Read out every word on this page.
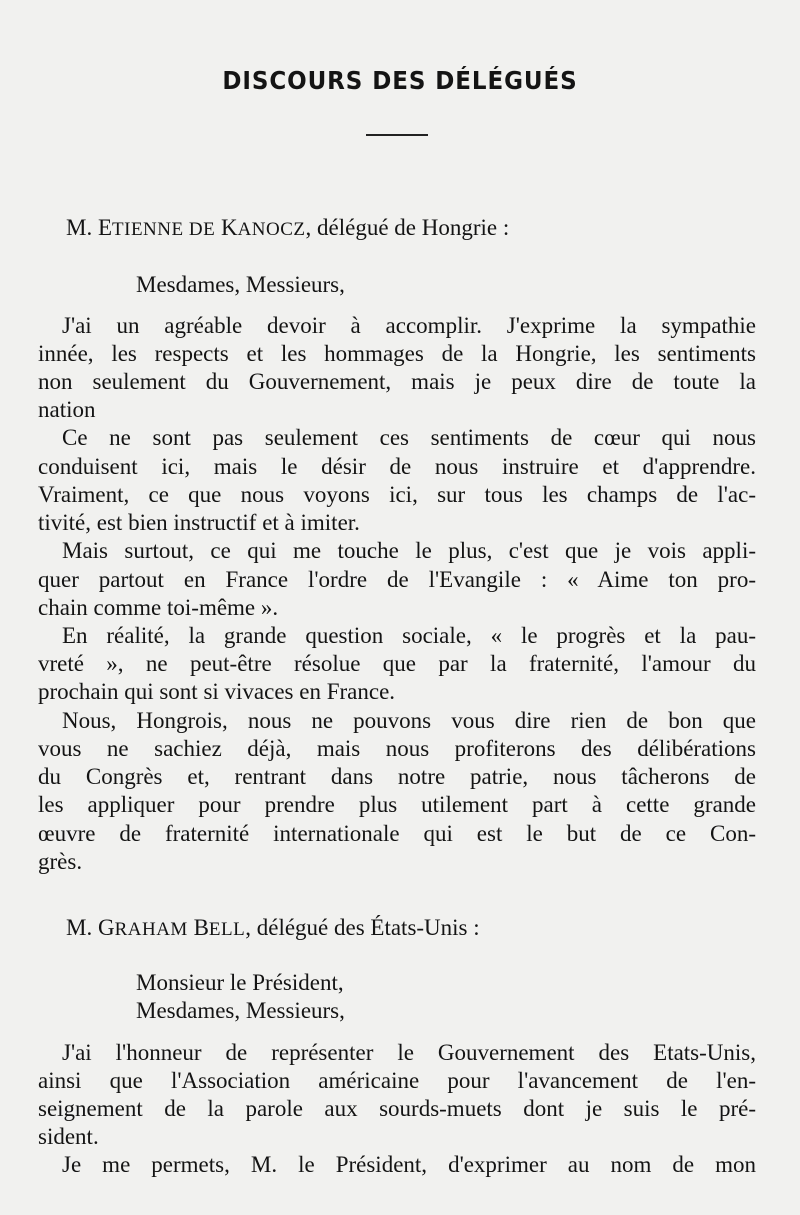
DISCOURS DES DÉLÉGUÉS

M. ETIENNE DE KANOCZ, délégué de Hongrie :

Mesdames, Messieurs,

J'ai un agréable devoir à accomplir. J'exprime la sympathie

innée, les respects et les hommages de la Hongrie, les sentiments

non seulement du Gouvernement, mais je peux dire de toute la

nation

Ce ne sont pas seulement ces sentiments de cœur qui nous

conduisent ici, mais le désir de nous instruire et d'apprendre.

Vraiment, ce que nous voyons ici, sur tous les champs de l'ac-

tivité, est bien instructif et à imiter.

Mais surtout, ce qui me touche le plus, c'est que je vois appli-

quer partout en France l'ordre de l'Evangile : « Aime ton pro-

chain comme toi-même ».

En réalité, la grande question sociale, « le progrès et la pau-

vreté », ne peut-être résolue que par la fraternité, l'amour du

prochain qui sont si vivaces en France.

Nous, Hongrois, nous ne pouvons vous dire rien de bon que

vous ne sachiez déjà, mais nous profiterons des délibérations

du Congrès et, rentrant dans notre patrie, nous tâcherons de

les appliquer pour prendre plus utilement part à cette grande

œuvre de fraternité internationale qui est le but de ce Con-

grès.

M. GRAHAM BELL, délégué des États-Unis :

Monsieur le Président,

Mesdames, Messieurs,

J'ai l'honneur de représenter le Gouvernement des Etats-Unis,

ainsi que l'Association américaine pour l'avancement de l'en-

seignement de la parole aux sourds-muets dont je suis le pré-

sident.

Je me permets, M. le Président, d'exprimer au nom de mon
